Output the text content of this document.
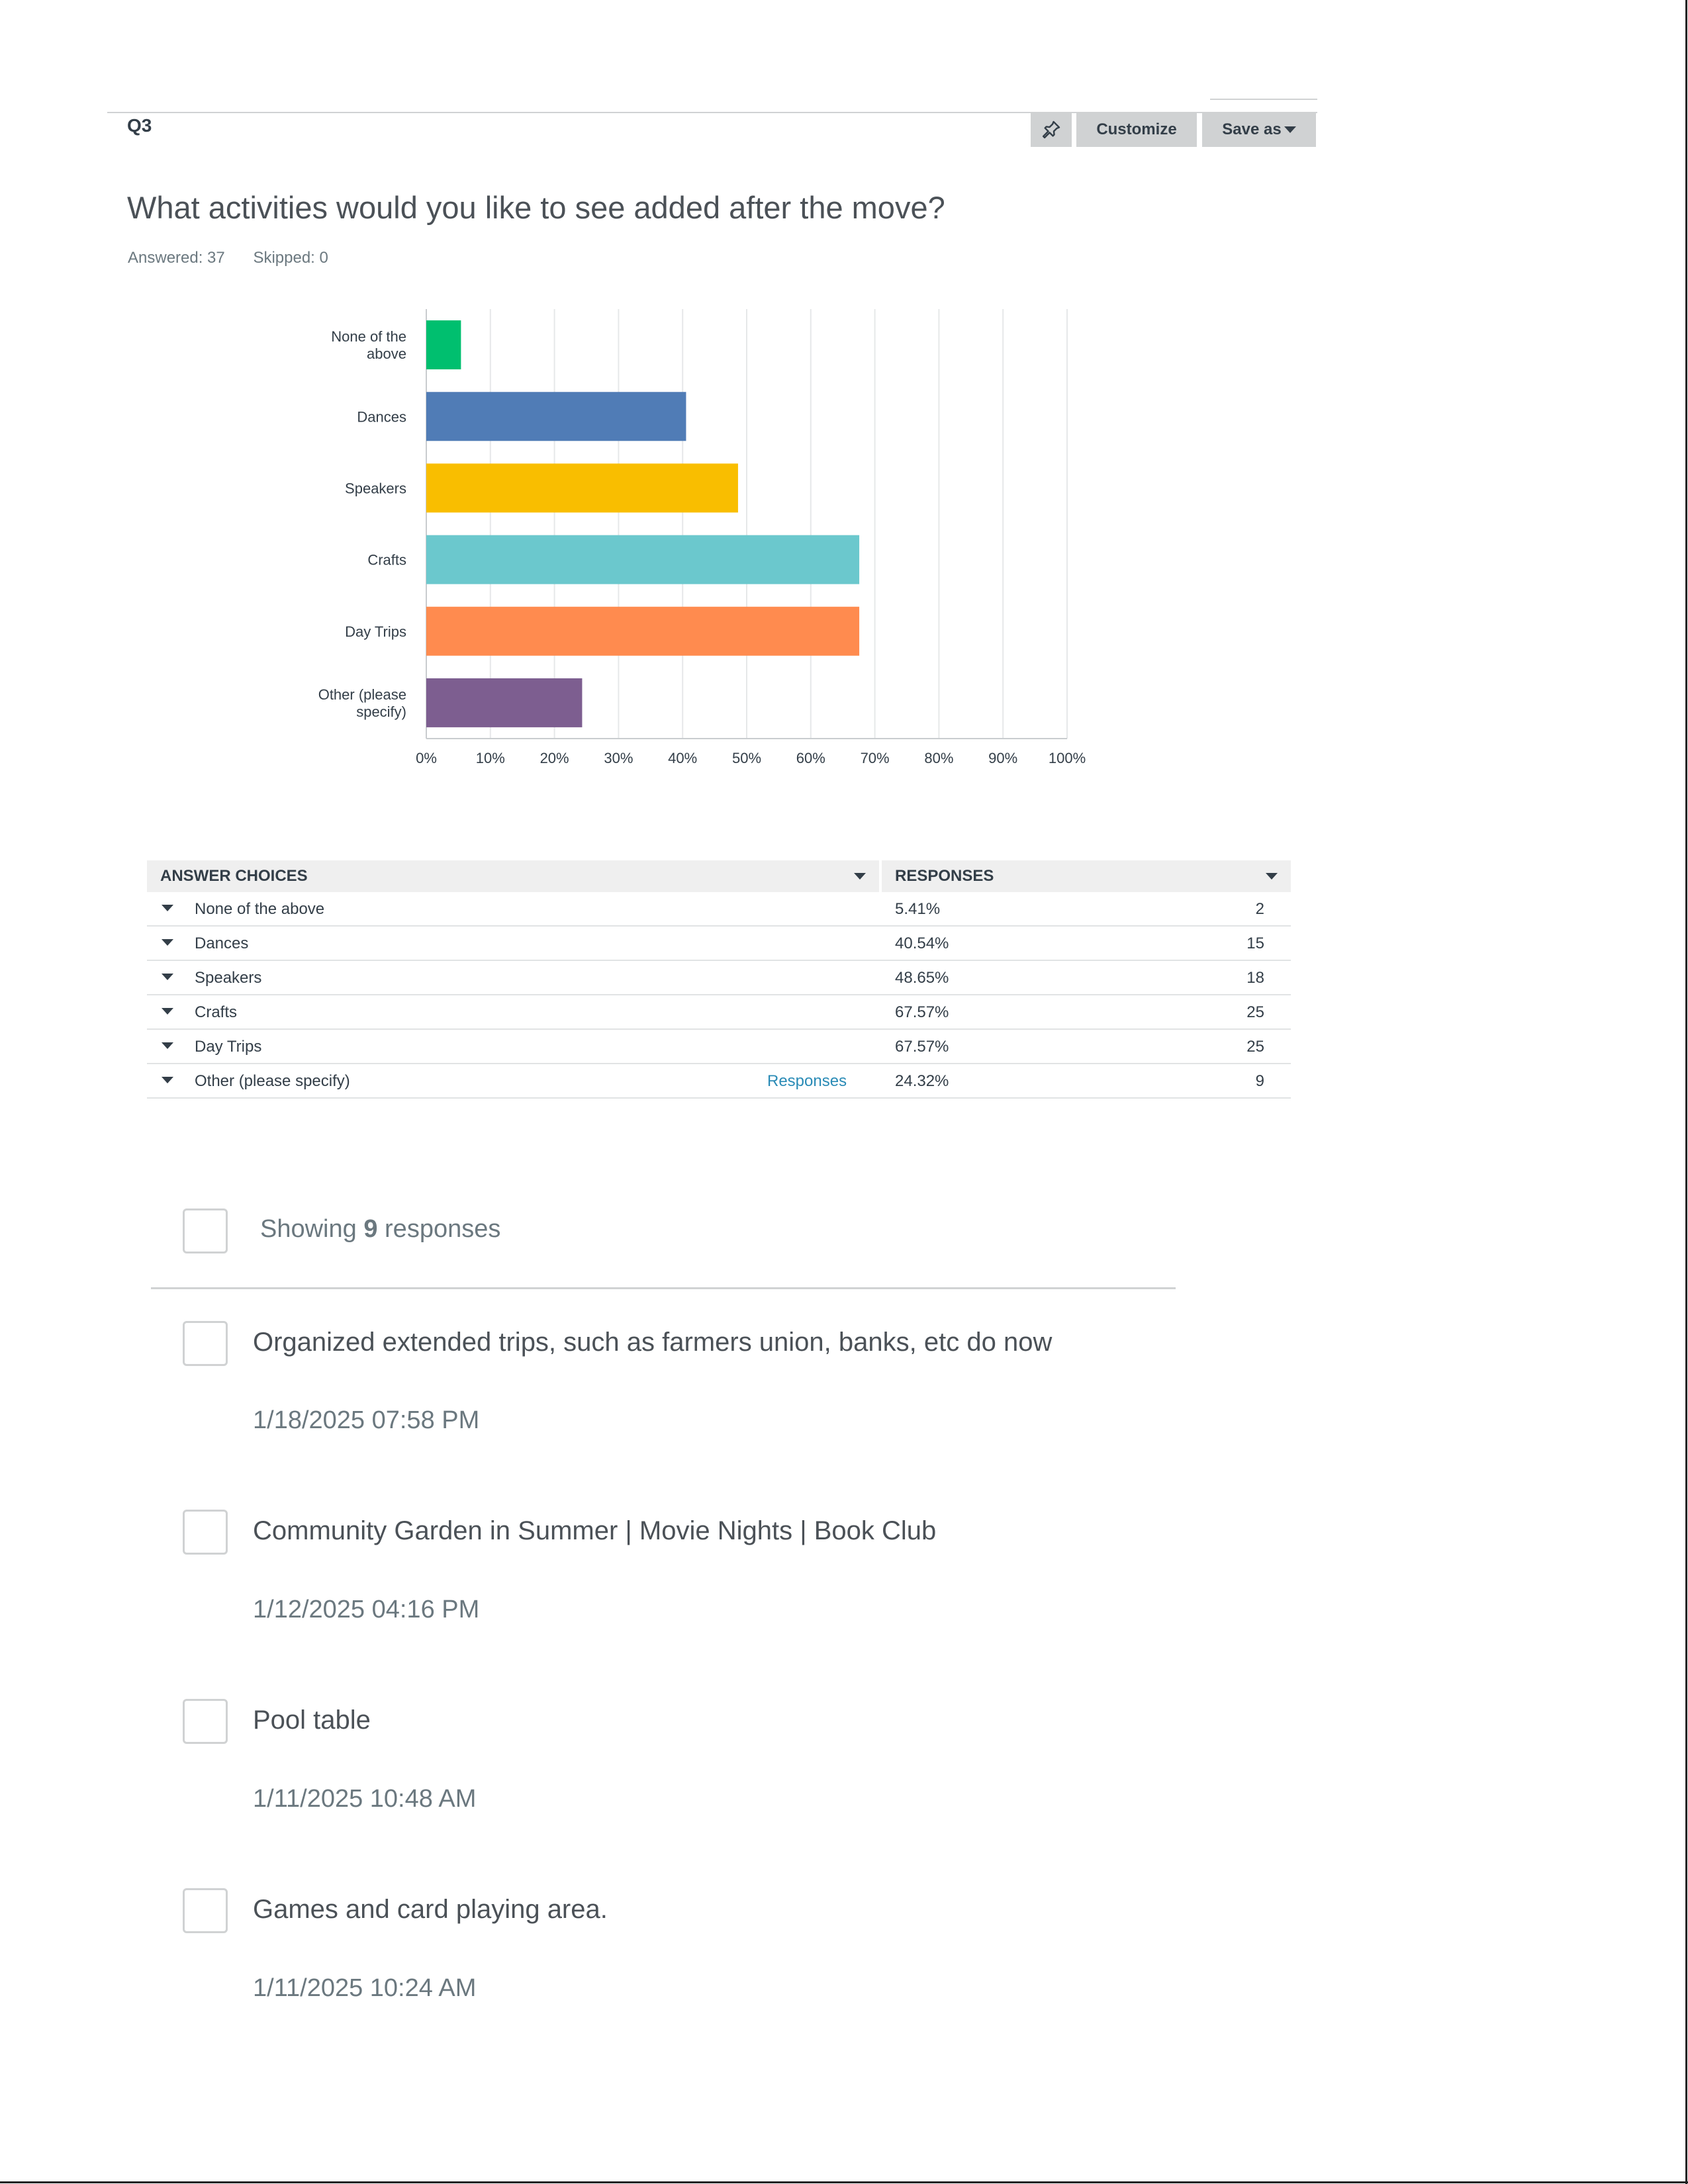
Q3	Customize	Save as
What activities would you like to see added after the move?
Answered: 37 Skipped: 0
0%	10% 20% 30% 40% 50% 60% 70% 80% 90% 100%
None of the
above
Dances
Speakers
Crafts
Day Trips
Other (please
specify)
ANSWER CHOICES	RESPONSES
None of the above	5.41%	2
Dances	40.54%	15
Speakers	48.65%	18
Crafts	67.57%	25
Day Trips	67.57%	25
Other (please specify)	Responses	24.32%	9
Showing 9 responses
Organized extended trips, such as farmers union, banks, etc do now
1/18/2025 07:58 PM
Community Garden in Summer | Movie Nights | Book Club
1/12/2025 04:16 PM
Pool table
1/11/2025 10:48 AM
Games and card playing area.
1/11/2025 10:24 AM
